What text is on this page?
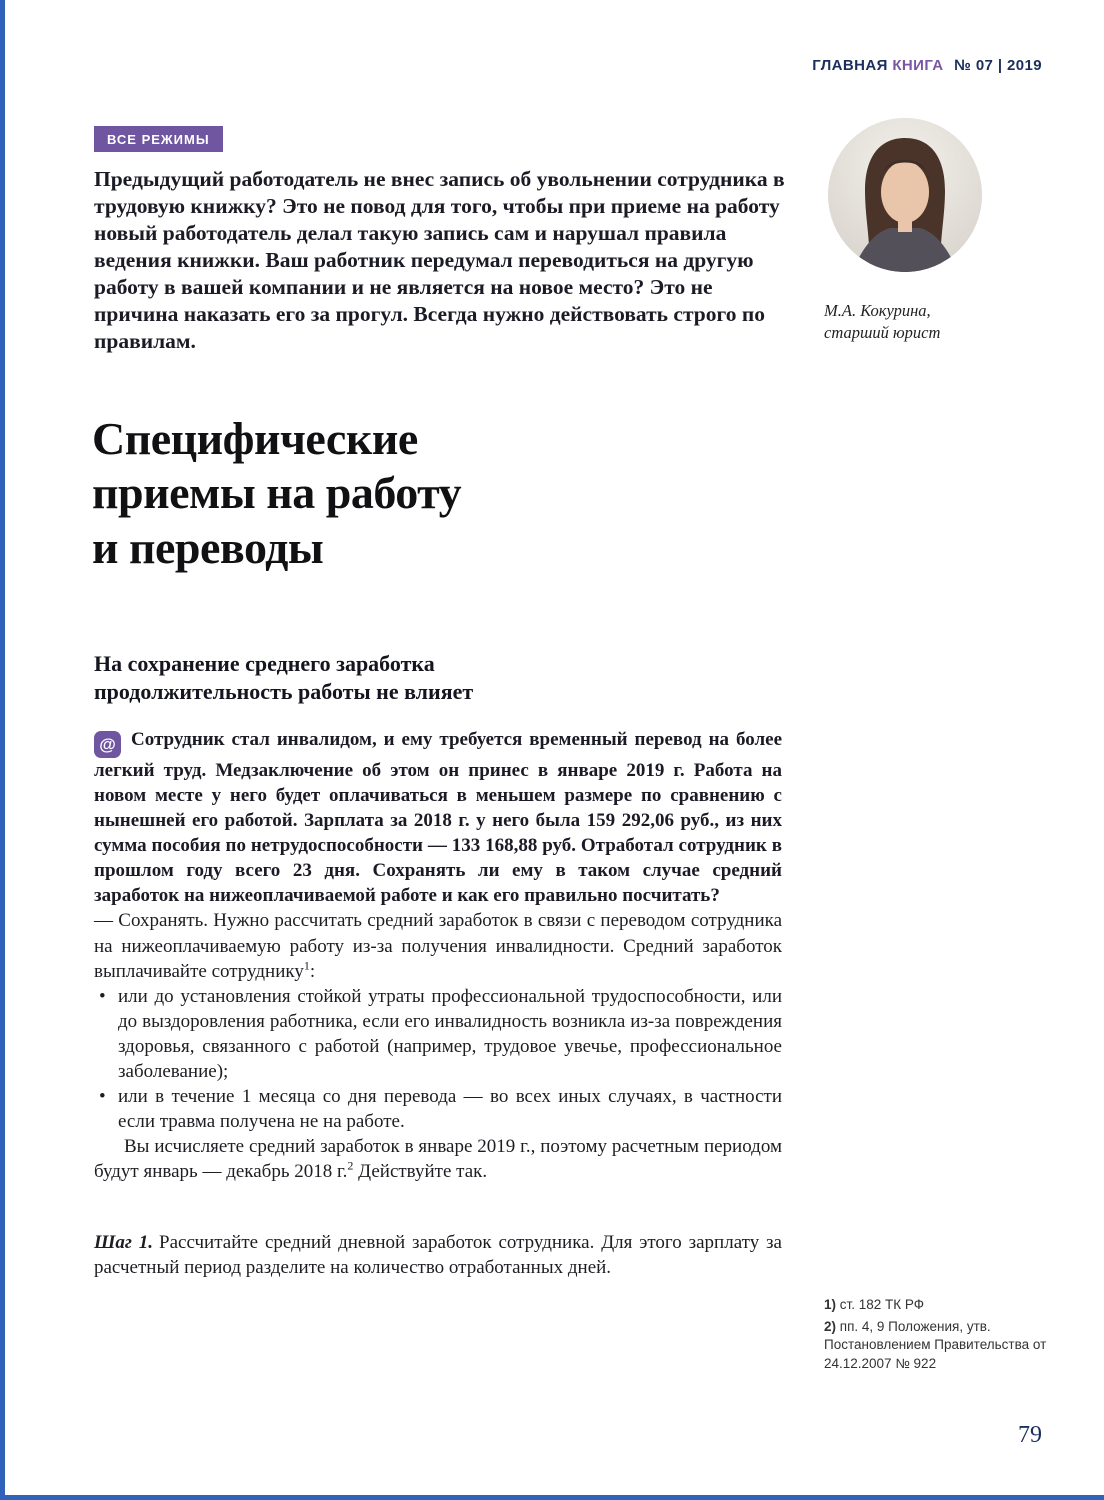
ГЛАВНАЯ КНИГА № 07 | 2019
ВСЕ РЕЖИМЫ
Предыдущий работодатель не внес запись об увольнении сотрудника в трудовую книжку? Это не повод для того, чтобы при приеме на работу новый работодатель делал такую запись сам и нарушал правила ведения книжки. Ваш работник передумал переводиться на другую работу в вашей компании и не является на новое место? Это не причина наказать его за прогул. Всегда нужно действовать строго по правилам.
М.А. Кокурина,
старший юрист
Специфические
приемы на работу
и переводы
На сохранение среднего заработка
продолжительность работы не влияет

@ Сотрудник стал инвалидом, и ему требуется временный перевод на более легкий труд. Медзаключение об этом он принес в январе 2019 г. Работа на новом месте у него будет оплачиваться в меньшем размере по сравнению с нынешней его работой. Зарплата за 2018 г. у него была 159 292,06 руб., из них сумма пособия по нетрудоспособности — 133 168,88 руб. Отработал сотрудник в прошлом году всего 23 дня. Сохранять ли ему в таком случае средний заработок на нижеоплачиваемой работе и как его правильно посчитать?

— Сохранять. Нужно рассчитать средний заработок в связи с переводом сотрудника на нижеоплачиваемую работу из-за получения инвалидности. Средний заработок выплачивайте сотруднику$^1$:

• или до установления стойкой утраты профессиональной трудоспособности, или до выздоровления работника, если его инвалидность возникла из-за повреждения здоровья, связанного с работой (например, трудовое увечье, профессиональное заболевание);
• или в течение 1 месяца со дня перевода — во всех иных случаях, в частности если травма получена не на работе.

Вы исчисляете средний заработок в январе 2019 г., поэтому расчетным периодом будут январь — декабрь 2018 г.$^2$ Действуйте так.

Шаг 1. Рассчитайте средний дневной заработок сотрудника. Для этого зарплату за расчетный период разделите на количество отработанных дней.

1) ст. 182 ТК РФ
2) пп. 4, 9 Положения, утв. Постановлением Правительства от 24.12.2007 № 922
79
